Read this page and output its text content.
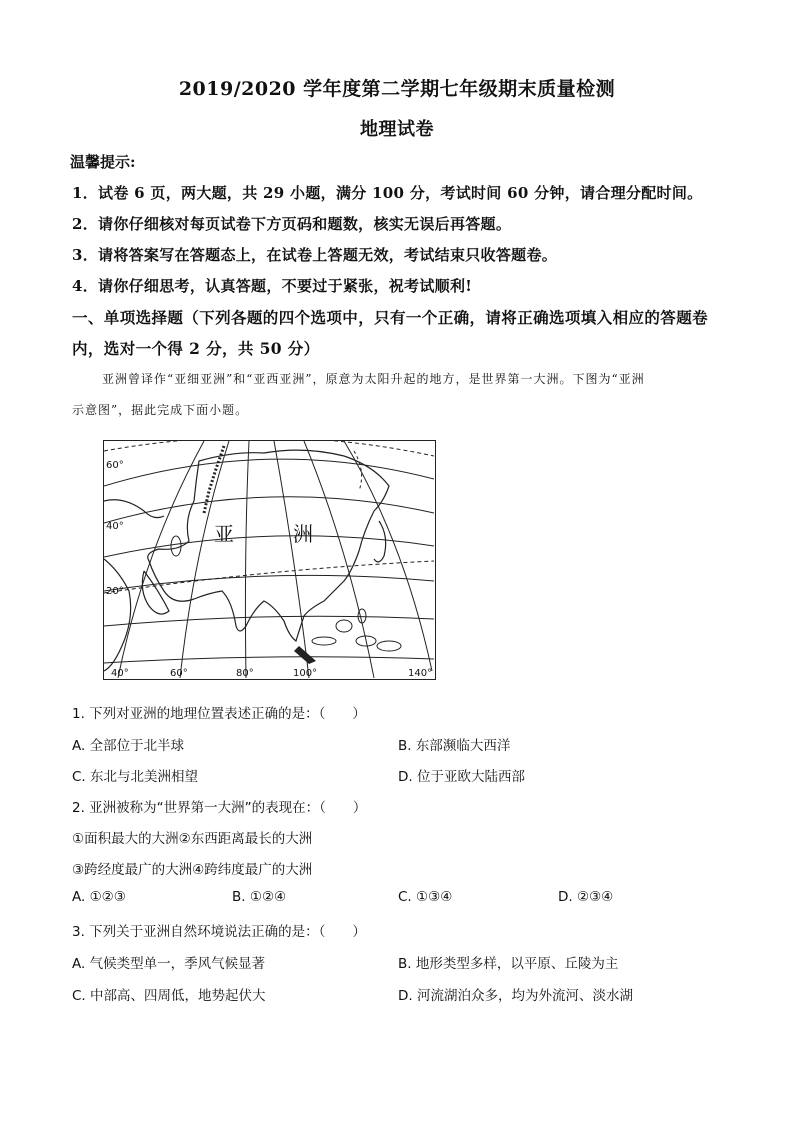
2019/2020 学年度第二学期七年级期末质量检测
地理试卷
温馨提示:
1．试卷 6 页，两大题，共 29 小题，满分 100 分，考试时间 60 分钟，请合理分配时间。
2．请你仔细核对每页试卷下方页码和题数，核实无误后再答题。
3．请将答案写在答题态上，在试卷上答题无效，考试结束只收答题卷。
4．请你仔细思考，认真答题，不要过于紧张，祝考试顺利!
一、单项选择题（下列各题的四个选项中，只有一个正确，请将正确选项填入相应的答题卷
内，选对一个得 2 分，共 50 分）
亚洲曾译作“亚细亚洲”和“亚西亚洲”，原意为太阳升起的地方，是世界第一大洲。下图为“亚洲
示意图”，据此完成下面小题。
亚	洲
60°
40°
20°
40°	60°	80°	100°	140°
1. 下列对亚洲的地理位置表述正确的是：（　　）
A. 全部位于北半球	B. 东部濒临大西洋
C. 东北与北美洲相望	D. 位于亚欧大陆西部
2. 亚洲被称为“世界第一大洲”的表现在：（　　）
①面积最大的大洲②东西距离最长的大洲
③跨经度最广的大洲④跨纬度最广的大洲
A. ①②③	B. ①②④	C. ①③④	D. ②③④
3. 下列关于亚洲自然环境说法正确的是：（　　）
A. 气候类型单一，季风气候显著	B. 地形类型多样，以平原、丘陵为主
C. 中部高、四周低，地势起伏大	D. 河流湖泊众多，均为外流河、淡水湖
